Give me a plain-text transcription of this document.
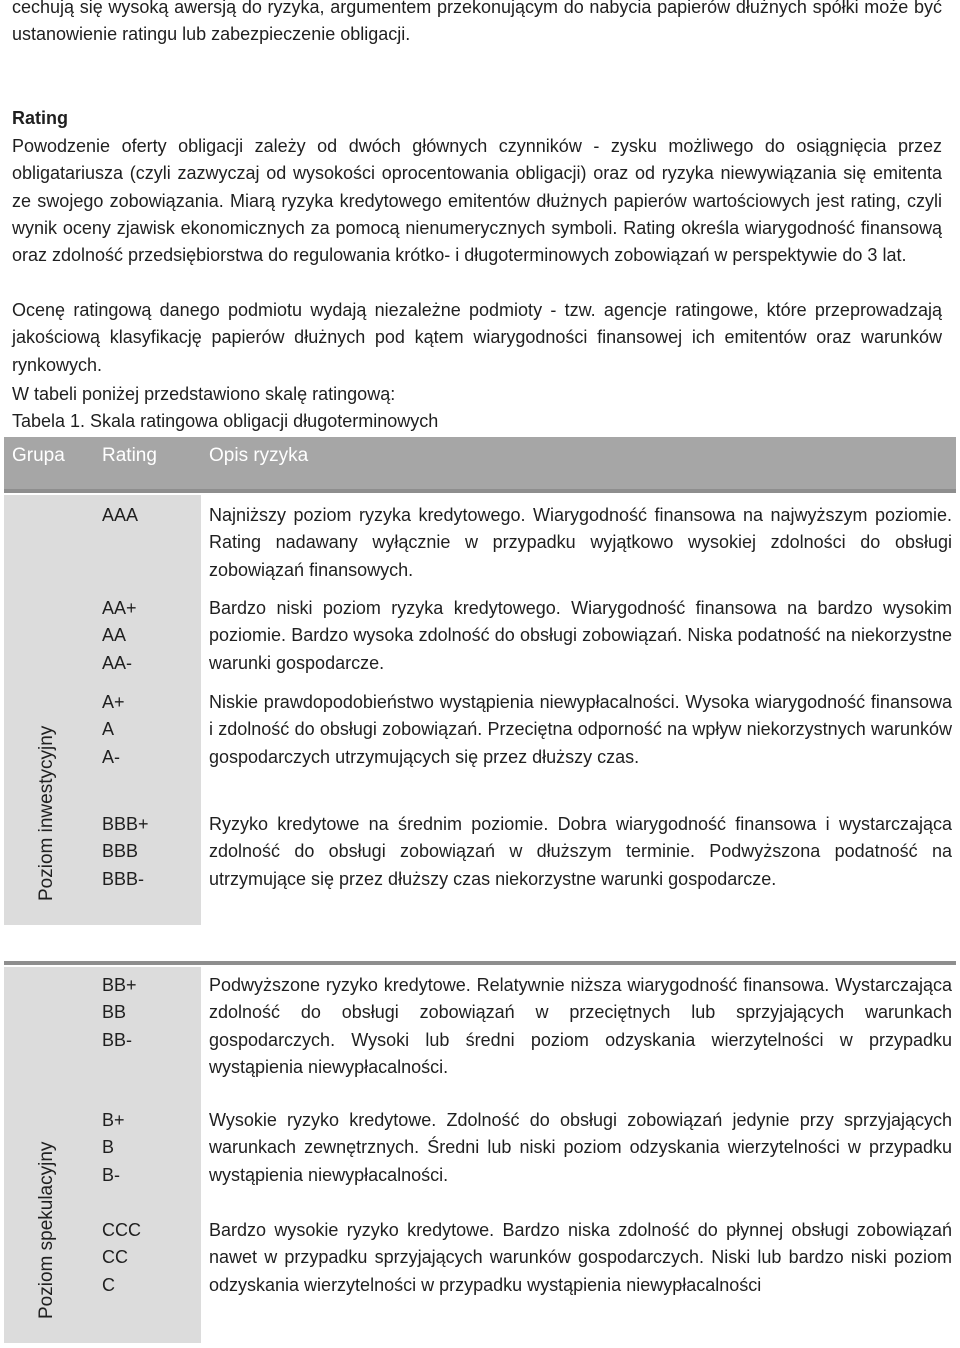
cechują się wysoką awersją do ryzyka, argumentem przekonującym do nabycia papierów dłużnych spółki może być ustanowienie ratingu lub zabezpieczenie obligacji.
Rating
Powodzenie oferty obligacji zależy od dwóch głównych czynników - zysku możliwego do osiągnięcia przez obligatariusza (czyli zazwyczaj od wysokości oprocentowania obligacji) oraz od ryzyka niewywiązania się emitenta ze swojego zobowiązania. Miarą ryzyka kredytowego emitentów dłużnych papierów wartościowych jest rating, czyli wynik oceny zjawisk ekonomicznych za pomocą nienumerycznych symboli. Rating określa wiarygodność finansową oraz zdolność przedsiębiorstwa do regulowania krótko- i długoterminowych zobowiązań w perspektywie do 3 lat.
Ocenę ratingową danego podmiotu wydają niezależne podmioty - tzw. agencje ratingowe, które przeprowadzają jakościową klasyfikację papierów dłużnych pod kątem wiarygodności finansowej ich emitentów oraz warunków rynkowych.
W tabeli poniżej przedstawiono skalę ratingową:
Tabela 1. Skala ratingowa obligacji długoterminowych
Grupa Rating	Opis ryzyka
Poziom inwestycyjny
AAA	Najniższy poziom ryzyka kredytowego. Wiarygodność finansowa na najwyższym poziomie. Rating nadawany wyłącznie w przypadku wyjątkowo wysokiej zdolności do obsługi zobowiązań finansowych.
AA+
AA
AA-
Bardzo niski poziom ryzyka kredytowego. Wiarygodność finansowa na bardzo wysokim poziomie. Bardzo wysoka zdolność do obsługi zobowiązań. Niska podatność na niekorzystne warunki gospodarcze.
A+
A
A-
Niskie prawdopodobieństwo wystąpienia niewypłacalności. Wysoka wiarygodność finansowa i zdolność do obsługi zobowiązań. Przeciętna odporność na wpływ niekorzystnych warunków gospodarczych utrzymujących się przez dłuższy czas.
BBB+
BBB
BBB-
Ryzyko kredytowe na średnim poziomie. Dobra wiarygodność finansowa i wystarczająca zdolność do obsługi zobowiązań w dłuższym terminie. Podwyższona podatność na utrzymujące się przez dłuższy czas niekorzystne warunki gospodarcze.
Poziom spekulacyjny
BB+
BB
BB-
Podwyższone ryzyko kredytowe. Relatywnie niższa wiarygodność finansowa. Wystarczająca zdolność do obsługi zobowiązań w przeciętnych lub sprzyjających warunkach gospodarczych. Wysoki lub średni poziom odzyskania wierzytelności w przypadku wystąpienia niewypłacalności.
B+
B
B-
Wysokie ryzyko kredytowe. Zdolność do obsługi zobowiązań jedynie przy sprzyjających warunkach zewnętrznych. Średni lub niski poziom odzyskania wierzytelności w przypadku wystąpienia niewypłacalności.
CCC
CC
C
Bardzo wysokie ryzyko kredytowe. Bardzo niska zdolność do płynnej obsługi zobowiązań nawet w przypadku sprzyjających warunków gospodarczych. Niski lub bardzo niski poziom odzyskania wierzytelności w przypadku wystąpienia niewypłacalności
